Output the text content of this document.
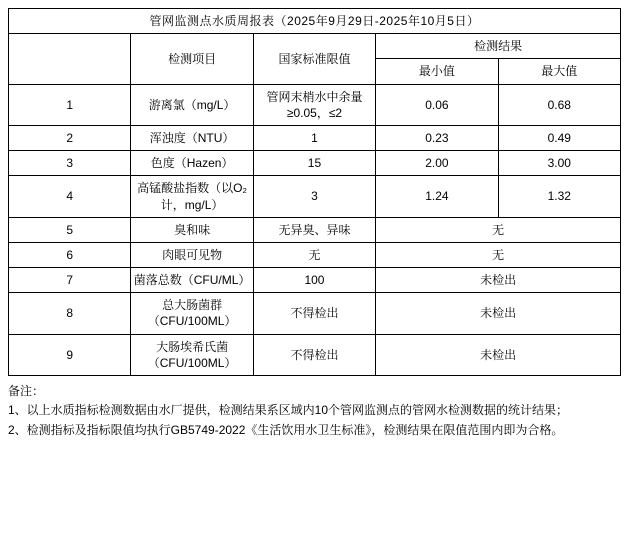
管网监测点水质周报表（2025年9月29日-2025年10月5日）				
	检测项目	国家标准限值	检测结果	
			最小值	最大值
1	游离氯（mg/L）	管网末梢水中余量≥0.05，≤2	0.06	0.68
2	浑浊度（NTU）	1	0.23	0.49
3	色度（Hazen）	15	2.00	3.00
4	高锰酸盐指数（以O₂计，mg/L）	3	1.24	1.32
5	臭和味	无异臭、异味	无	
6	肉眼可见物	无	无	
7	菌落总数（CFU/ML）	100	未检出	
8	总大肠菌群（CFU/100ML）	不得检出	未检出	
9	大肠埃希氏菌（CFU/100ML）	不得检出	未检出	
备注：
1、以上水质指标检测数据由水厂提供，检测结果系区域内10个管网监测点的管网水检测数据的统计结果；
2、检测指标及指标限值均执行GB5749-2022《生活饮用水卫生标准》，检测结果在限值范围内即为合格。
